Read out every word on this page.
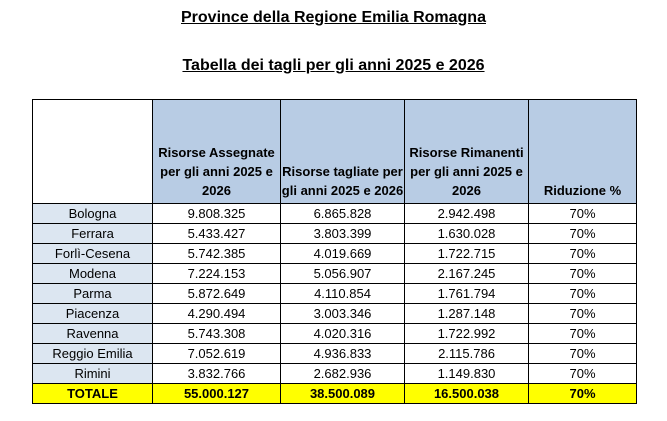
Province della Regione Emilia Romagna
Tabella dei tagli per gli anni 2025 e 2026
	Risorse Assegnate per gli anni 2025 e 2026	Risorse tagliate per gli anni 2025 e 2026	Risorse Rimanenti per gli anni 2025 e 2026	Riduzione %
Bologna	9.808.325	6.865.828	2.942.498	70%
Ferrara	5.433.427	3.803.399	1.630.028	70%
Forlì-Cesena	5.742.385	4.019.669	1.722.715	70%
Modena	7.224.153	5.056.907	2.167.245	70%
Parma	5.872.649	4.110.854	1.761.794	70%
Piacenza	4.290.494	3.003.346	1.287.148	70%
Ravenna	5.743.308	4.020.316	1.722.992	70%
Reggio Emilia	7.052.619	4.936.833	2.115.786	70%
Rimini	3.832.766	2.682.936	1.149.830	70%
TOTALE	55.000.127	38.500.089	16.500.038	70%
